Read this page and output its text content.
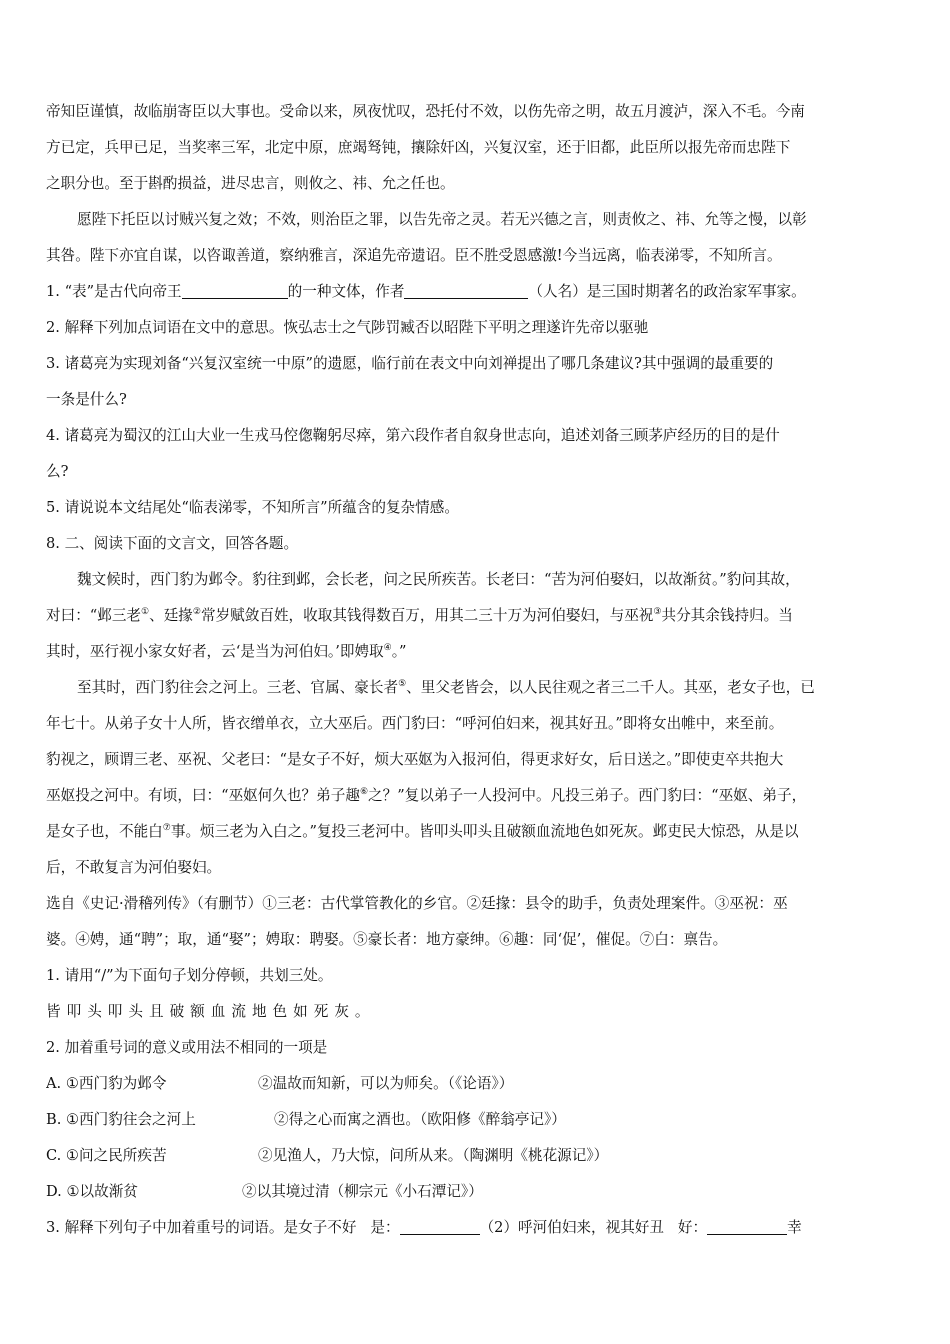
帝知臣谨慎，故临崩寄臣以大事也。受命以来，夙夜忧叹，恐托付不效，以伤先帝之明，故五月渡泸，深入不毛。今南
方已定，兵甲已足，当奖率三军，北定中原，庶竭驽钝，攘除奸凶，兴复汉室，还于旧都，此臣所以报先帝而忠陛下
之职分也。至于斟酌损益，进尽忠言，则攸之、祎、允之任也。
愿陛下托臣以讨贼兴复之效；不效，则治臣之罪，以告先帝之灵。若无兴德之言，则责攸之、祎、允等之慢，以彰
其咎。陛下亦宜自谋，以咨诹善道，察纳雅言，深追先帝遗诏。臣不胜受恩感激!今当远离，临表涕零，不知所言。
1. “表”是古代向帝王	的一种文体，作者	（人名）是三国时期著名的政治家军事家。
2. 解释下列加点词语在文中的意思。恢弘志士之气陟罚臧否以昭陛下平明之理遂许先帝以驱驰
3. 诸葛亮为实现刘备“兴复汉室统一中原”的遗愿，临行前在表文中向刘禅提出了哪几条建议?其中强调的最重要的
一条是什么?
4. 诸葛亮为蜀汉的江山大业一生戎马倥偬鞠躬尽瘁，第六段作者自叙身世志向，追述刘备三顾茅庐经历的目的是什
么?
5. 请说说本文结尾处“临表涕零，不知所言”所蕴含的复杂情感。
8. 二、阅读下面的文言文，回答各题。
魏文候时，西门豹为邺令。豹往到邺，会长老，问之民所疾苦。长老曰：“苦为河伯娶妇，以故渐贫。”豹问其故，
对曰：“邺三老①、廷掾②常岁赋敛百姓，收取其钱得数百万，用其二三十万为河伯娶妇，与巫祝③共分其余钱持归。当
其时，巫行视小家女好者，云‘是当为河伯妇。’即娉取④。”
至其时，西门豹往会之河上。三老、官属、豪长者⑤、里父老皆会，以人民往观之者三二千人。其巫，老女子也，已
年七十。从弟子女十人所，皆衣缯单衣，立大巫后。西门豹曰：“呼河伯妇来，视其好丑。”即将女出帷中，来至前。
豹视之，顾谓三老、巫祝、父老曰：“是女子不好，烦大巫妪为入报河伯，得更求好女，后日送之。”即使吏卒共抱大
巫妪投之河中。有顷，曰：“巫妪何久也？弟子趣⑥之？”复以弟子一人投河中。凡投三弟子。西门豹曰：“巫妪、弟子，
是女子也，不能白⑦事。烦三老为入白之。”复投三老河中。皆叩头叩头且破额血流地色如死灰。邺吏民大惊恐，从是以
后，不敢复言为河伯娶妇。
选自《史记·滑稽列传》（有删节）①三老：古代掌管教化的乡官。②廷掾：县令的助手，负责处理案件。③巫祝：巫
婆。④娉，通“聘”；取，通“娶”；娉取：聘娶。⑤豪长者：地方豪绅。⑥趣：同‘促’，催促。⑦白：禀告。
1. 请用“/”为下面句子划分停顿，共划三处。
皆叩头叩头且破额血流地色如死灰。
2. 加着重号词的意义或用法不相同的一项是
A. ①西门豹为邺令	②温故而知新，可以为师矣。（《论语》）
B. ①西门豹往会之河上	②得之心而寓之酒也。（欧阳修《醉翁亭记》）
C. ①问之民所疾苦	②见渔人，乃大惊，问所从来。（陶渊明《桃花源记》）
D. ①以故渐贫	②以其境过清（柳宗元《小石潭记》）
3. 解释下列句子中加着重号的词语。是女子不好 是：	（2）呼河伯妇来，视其好丑 好：	幸
